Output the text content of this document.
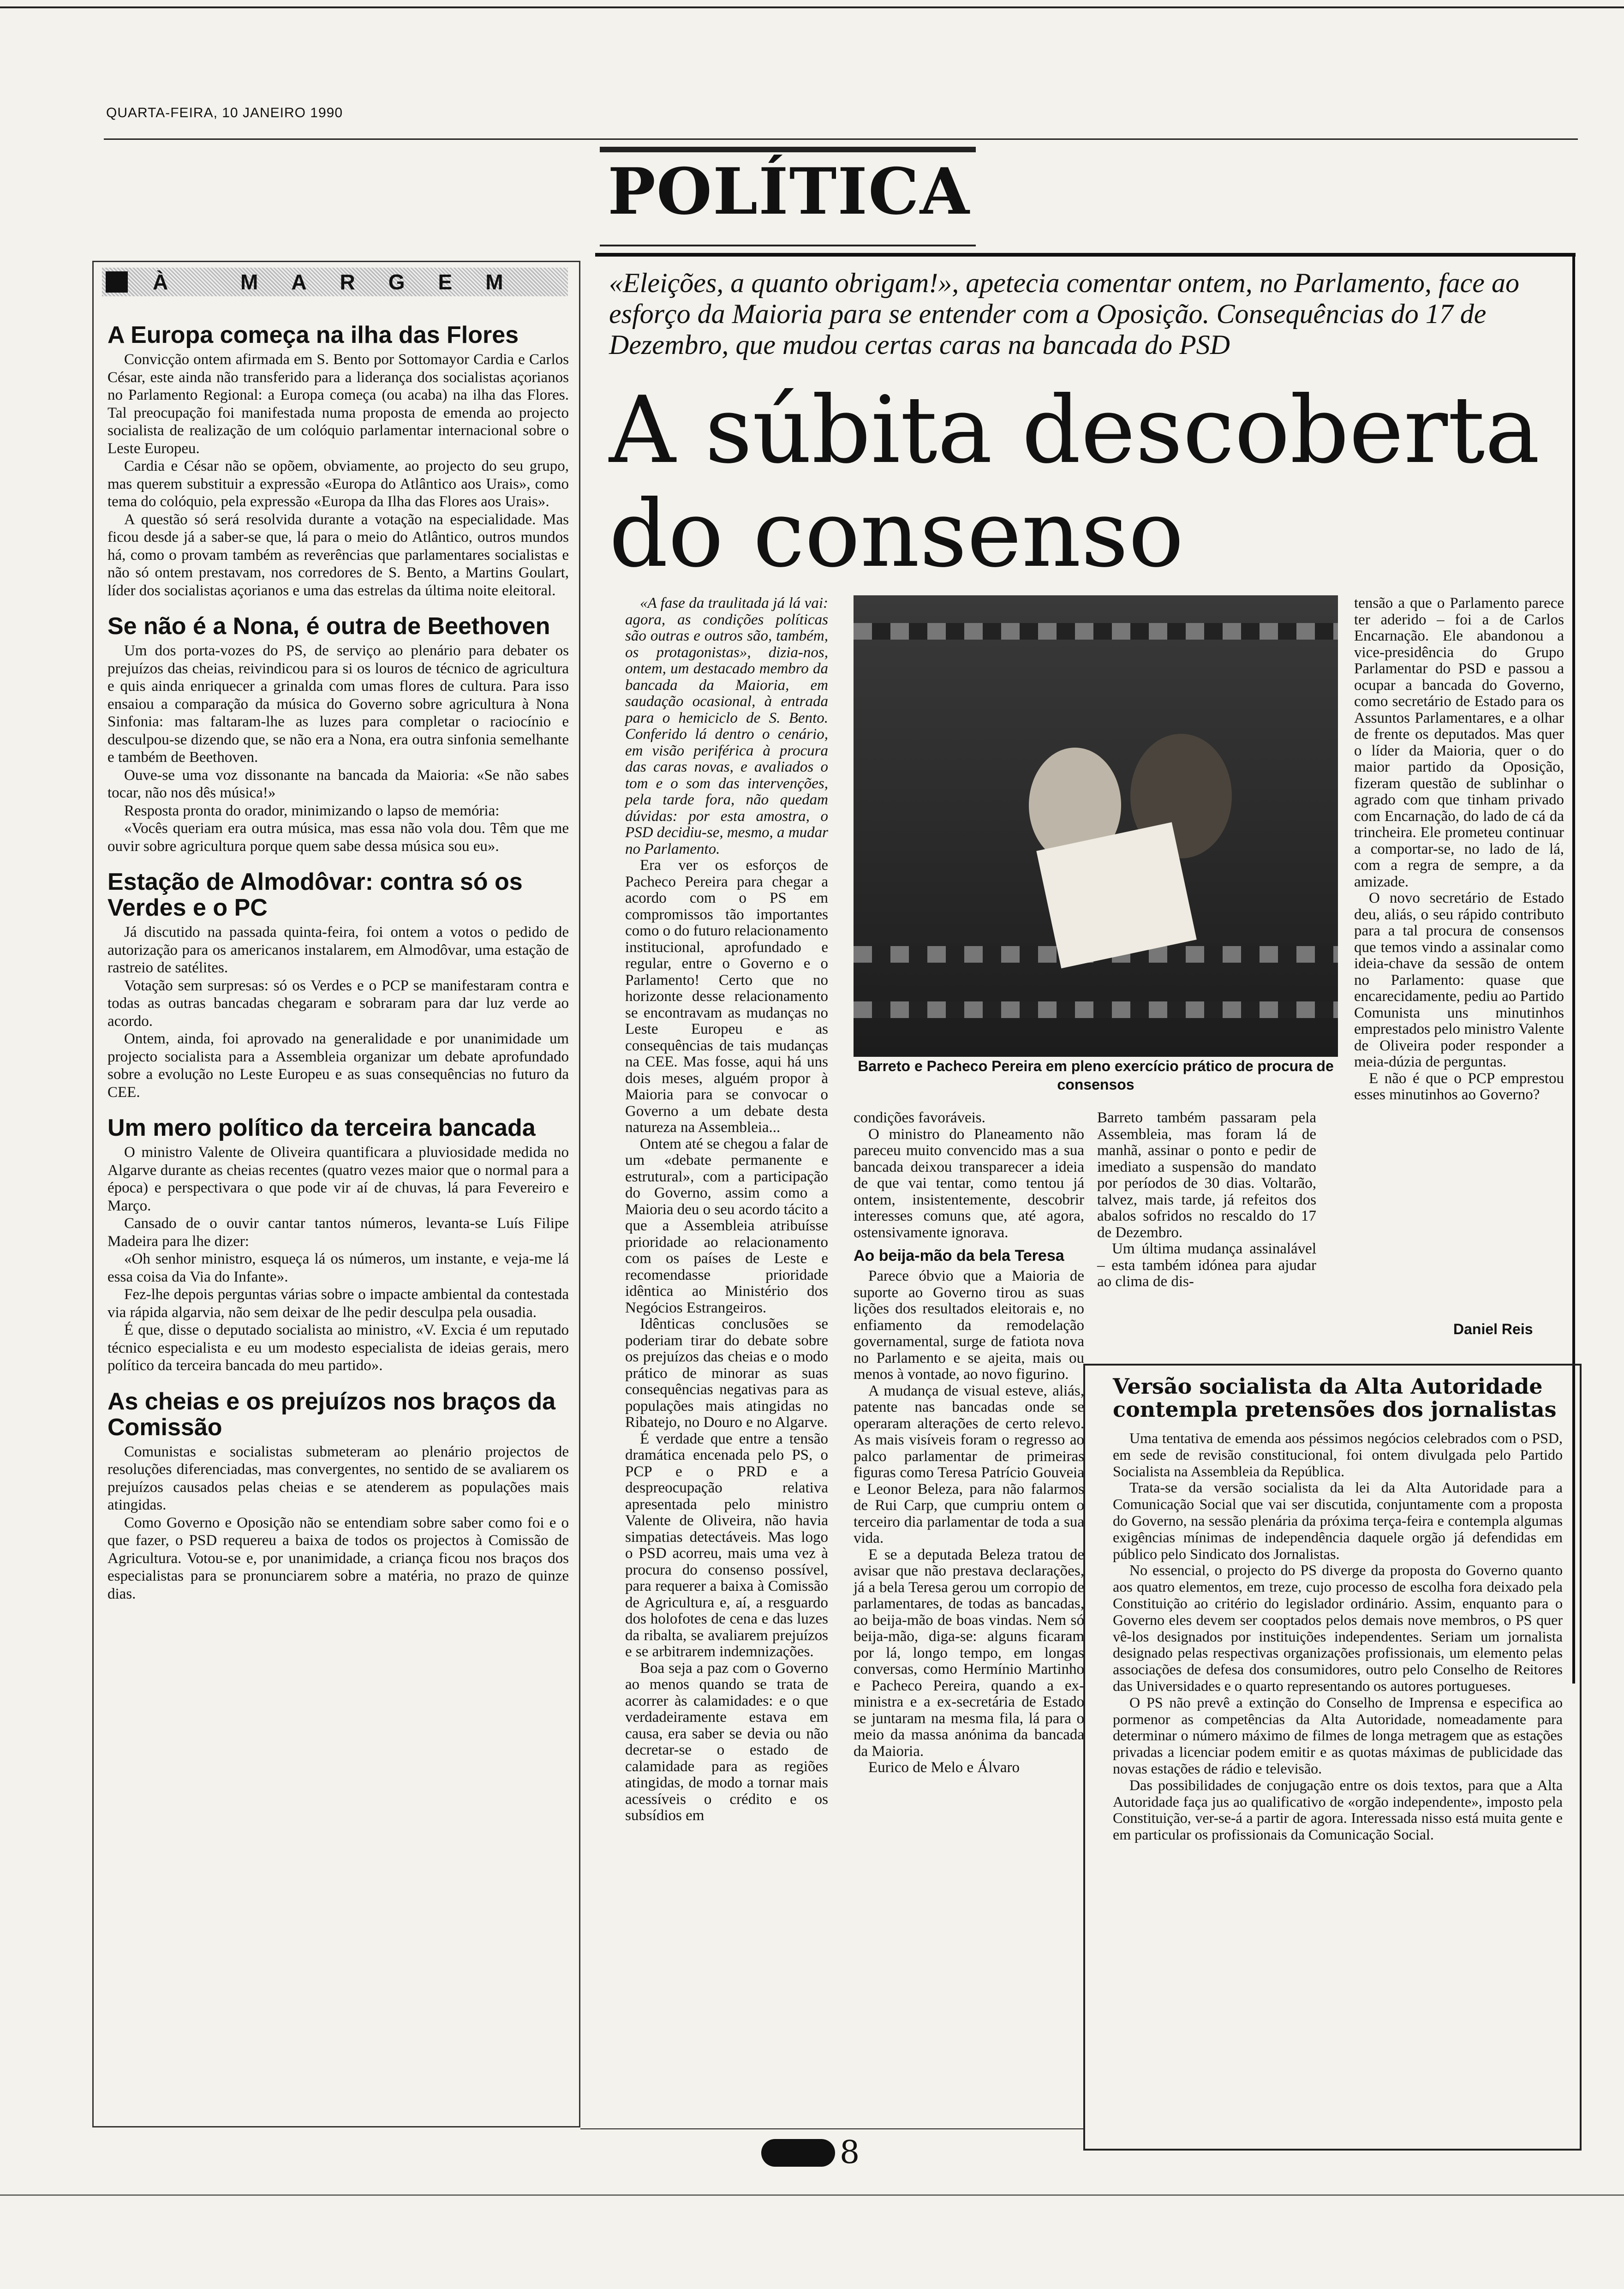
QUARTA-FEIRA, 10 JANEIRO 1990
POLÍTICA
À MARGEM
A Europa começa na ilha das Flores

Convicção ontem afirmada em S. Bento por Sottomayor Cardia e Carlos César, este ainda não transferido para a liderança dos socialistas açorianos no Parlamento Regional: a Europa começa (ou acaba) na ilha das Flores. Tal preocupação foi manifestada numa proposta de emenda ao projecto socialista de realização de um colóquio parlamentar internacional sobre o Leste Europeu.

Cardia e César não se opõem, obviamente, ao projecto do seu grupo, mas querem substituir a expressão «Europa do Atlântico aos Urais», como tema do colóquio, pela expressão «Europa da Ilha das Flores aos Urais».

A questão só será resolvida durante a votação na especialidade. Mas ficou desde já a saber-se que, lá para o meio do Atlântico, outros mundos há, como o provam também as reverências que parlamentares socialistas e não só ontem prestavam, nos corredores de S. Bento, a Martins Goulart, líder dos socialistas açorianos e uma das estrelas da última noite eleitoral.

Se não é a Nona, é outra de Beethoven

Um dos porta-vozes do PS, de serviço ao plenário para debater os prejuízos das cheias, reivindicou para si os louros de técnico de agricultura e quis ainda enriquecer a grinalda com umas flores de cultura. Para isso ensaiou a comparação da música do Governo sobre agricultura à Nona Sinfonia: mas faltaram-lhe as luzes para completar o raciocínio e desculpou-se dizendo que, se não era a Nona, era outra sinfonia semelhante e também de Beethoven.

Ouve-se uma voz dissonante na bancada da Maioria: «Se não sabes tocar, não nos dês música!»

Resposta pronta do orador, minimizando o lapso de memória:

«Vocês queriam era outra música, mas essa não vola dou. Têm que me ouvir sobre agricultura porque quem sabe dessa música sou eu».

Estação de Almodôvar: contra só os Verdes e o PC

Já discutido na passada quinta-feira, foi ontem a votos o pedido de autorização para os americanos instalarem, em Almodôvar, uma estação de rastreio de satélites.

Votação sem surpresas: só os Verdes e o PCP se manifestaram contra e todas as outras bancadas chegaram e sobraram para dar luz verde ao acordo.

Ontem, ainda, foi aprovado na generalidade e por unanimidade um projecto socialista para a Assembleia organizar um debate aprofundado sobre a evolução no Leste Europeu e as suas consequências no futuro da CEE.

Um mero político da terceira bancada

O ministro Valente de Oliveira quantificara a pluviosidade medida no Algarve durante as cheias recentes (quatro vezes maior que o normal para a época) e perspectivara o que pode vir aí de chuvas, lá para Fevereiro e Março.

Cansado de o ouvir cantar tantos números, levanta-se Luís Filipe Madeira para lhe dizer:

«Oh senhor ministro, esqueça lá os números, um instante, e veja-me lá essa coisa da Via do Infante».

Fez-lhe depois perguntas várias sobre o impacte ambiental da contestada via rápida algarvia, não sem deixar de lhe pedir desculpa pela ousadia.

É que, disse o deputado socialista ao ministro, «V. Excia é um reputado técnico especialista e eu um modesto especialista de ideias gerais, mero político da terceira bancada do meu partido».

As cheias e os prejuízos nos braços da Comissão

Comunistas e socialistas submeteram ao plenário projectos de resoluções diferenciadas, mas convergentes, no sentido de se avaliarem os prejuízos causados pelas cheias e se atenderem as populações mais atingidas.

Como Governo e Oposição não se entendiam sobre saber como foi e o que fazer, o PSD requereu a baixa de todos os projectos à Comissão de Agricultura. Votou-se e, por unanimidade, a criança ficou nos braços dos especialistas para se pronunciarem sobre a matéria, no prazo de quinze dias.

«Eleições, a quanto obrigam!», apetecia comentar ontem, no Parlamento, face ao esforço da Maioria para se entender com a Oposição. Consequências do 17 de Dezembro, que mudou certas caras na bancada do PSD
A súbita descoberta do consenso

«A fase da traulitada já lá vai: agora, as condições políticas são outras e outros são, também, os protagonistas», dizia-nos, ontem, um destacado membro da bancada da Maioria, em saudação ocasional, à entrada para o hemiciclo de S. Bento. Conferido lá dentro o cenário, em visão periférica à procura das caras novas, e avaliados o tom e o som das intervenções, pela tarde fora, não quedam dúvidas: por esta amostra, o PSD decidiu-se, mesmo, a mudar no Parlamento.

Era ver os esforços de Pacheco Pereira para chegar a acordo com o PS em compromissos tão importantes como o do futuro relacionamento institucional, aprofundado e regular, entre o Governo e o Parlamento! Certo que no horizonte desse relacionamento se encontravam as mudanças no Leste Europeu e as consequências de tais mudanças na CEE. Mas fosse, aqui há uns dois meses, alguém propor à Maioria para se convocar o Governo a um debate desta natureza na Assembleia...

Ontem até se chegou a falar de um «debate permanente e estrutural», com a participação do Governo, assim como a Maioria deu o seu acordo tácito a que a Assembleia atribuísse prioridade ao relacionamento com os países de Leste e recomendasse prioridade idêntica ao Ministério dos Negócios Estrangeiros.

Idênticas conclusões se poderiam tirar do debate sobre os prejuízos das cheias e o modo prático de minorar as suas consequências negativas para as populações mais atingidas no Ribatejo, no Douro e no Algarve.

É verdade que entre a tensão dramática encenada pelo PS, o PCP e o PRD e a despreocupação relativa apresentada pelo ministro Valente de Oliveira, não havia simpatias detectáveis. Mas logo o PSD acorreu, mais uma vez à procura do consenso possível, para requerer a baixa à Comissão de Agricultura e, aí, a resguardo dos holofotes de cena e das luzes da ribalta, se avaliarem prejuízos e se arbitrarem indemnizações.

Boa seja a paz com o Governo ao menos quando se trata de acorrer às calamidades: e o que verdadeiramente estava em causa, era saber se devia ou não decretar-se o estado de calamidade para as regiões atingidas, de modo a tornar mais acessíveis o crédito e os subsídios em

Barreto e Pacheco Pereira em pleno exercício prático de procura de consensos

condições favoráveis.

O ministro do Planeamento não pareceu muito convencido mas a sua bancada deixou transparecer a ideia de que vai tentar, como tentou já ontem, insistentemente, descobrir interesses comuns que, até agora, ostensivamente ignorava.

Ao beija-mão da bela Teresa

Parece óbvio que a Maioria de suporte ao Governo tirou as suas lições dos resultados eleitorais e, no enfiamento da remodelação governamental, surge de fatiota nova no Parlamento e se ajeita, mais ou menos à vontade, ao novo figurino.

A mudança de visual esteve, aliás, patente nas bancadas onde se operaram alterações de certo relevo. As mais visíveis foram o regresso ao palco parlamentar de primeiras figuras como Teresa Patrício Gouveia e Leonor Beleza, para não falarmos de Rui Carp, que cumpriu ontem o terceiro dia parlamentar de toda a sua vida.

E se a deputada Beleza tratou de avisar que não prestava declarações, já a bela Teresa gerou um corropio de parlamentares, de todas as bancadas, ao beija-mão de boas vindas. Nem só beija-mão, diga-se: alguns ficaram por lá, longo tempo, em longas conversas, como Hermínio Martinho e Pacheco Pereira, quando a ex-ministra e a ex-secretária de Estado se juntaram na mesma fila, lá para o meio da massa anónima da bancada da Maioria.

Eurico de Melo e Álvaro

Barreto também passaram pela Assembleia, mas foram lá de manhã, assinar o ponto e pedir de imediato a suspensão do mandato por períodos de 30 dias. Voltarão, talvez, mais tarde, já refeitos dos abalos sofridos no rescaldo do 17 de Dezembro.

Um última mudança assinalável – esta também idónea para ajudar ao clima de dis-

tensão a que o Parlamento parece ter aderido – foi a de Carlos Encarnação. Ele abandonou a vice-presidência do Grupo Parlamentar do PSD e passou a ocupar a bancada do Governo, como secretário de Estado para os Assuntos Parlamentares, e a olhar de frente os deputados. Mas quer o líder da Maioria, quer o do maior partido da Oposição, fizeram questão de sublinhar o agrado com que tinham privado com Encarnação, do lado de cá da trincheira. Ele prometeu continuar a comportar-se, no lado de lá, com a regra de sempre, a da amizade.

O novo secretário de Estado deu, aliás, o seu rápido contributo para a tal procura de consensos que temos vindo a assinalar como ideia-chave da sessão de ontem no Parlamento: quase que encarecidamente, pediu ao Partido Comunista uns minutinhos emprestados pelo ministro Valente de Oliveira poder responder a meia-dúzia de perguntas.

E não é que o PCP emprestou esses minutinhos ao Governo?

Daniel Reis
Versão socialista da Alta Autoridade contempla pretensões dos jornalistas

Uma tentativa de emenda aos péssimos negócios celebrados com o PSD, em sede de revisão constitucional, foi ontem divulgada pelo Partido Socialista na Assembleia da República.

Trata-se da versão socialista da lei da Alta Autoridade para a Comunicação Social que vai ser discutida, conjuntamente com a proposta do Governo, na sessão plenária da próxima terça-feira e contempla algumas exigências mínimas de independência daquele orgão já defendidas em público pelo Sindicato dos Jornalistas.

No essencial, o projecto do PS diverge da proposta do Governo quanto aos quatro elementos, em treze, cujo processo de escolha fora deixado pela Constituição ao critério do legislador ordinário. Assim, enquanto para o Governo eles devem ser cooptados pelos demais nove membros, o PS quer vê-los designados por instituições independentes. Seriam um jornalista designado pelas respectivas organizações profissionais, um elemento pelas associações de defesa dos consumidores, outro pelo Conselho de Reitores das Universidades e o quarto representando os autores portugueses.

O PS não prevê a extinção do Conselho de Imprensa e especifica ao pormenor as competências da Alta Autoridade, nomeadamente para determinar o número máximo de filmes de longa metragem que as estações privadas a licenciar podem emitir e as quotas máximas de publicidade das novas estações de rádio e televisão.

Das possibilidades de conjugação entre os dois textos, para que a Alta Autoridade faça jus ao qualificativo de «orgão independente», imposto pela Constituição, ver-se-á a partir de agora. Interessada nisso está muita gente e em particular os profissionais da Comunicação Social.

8
